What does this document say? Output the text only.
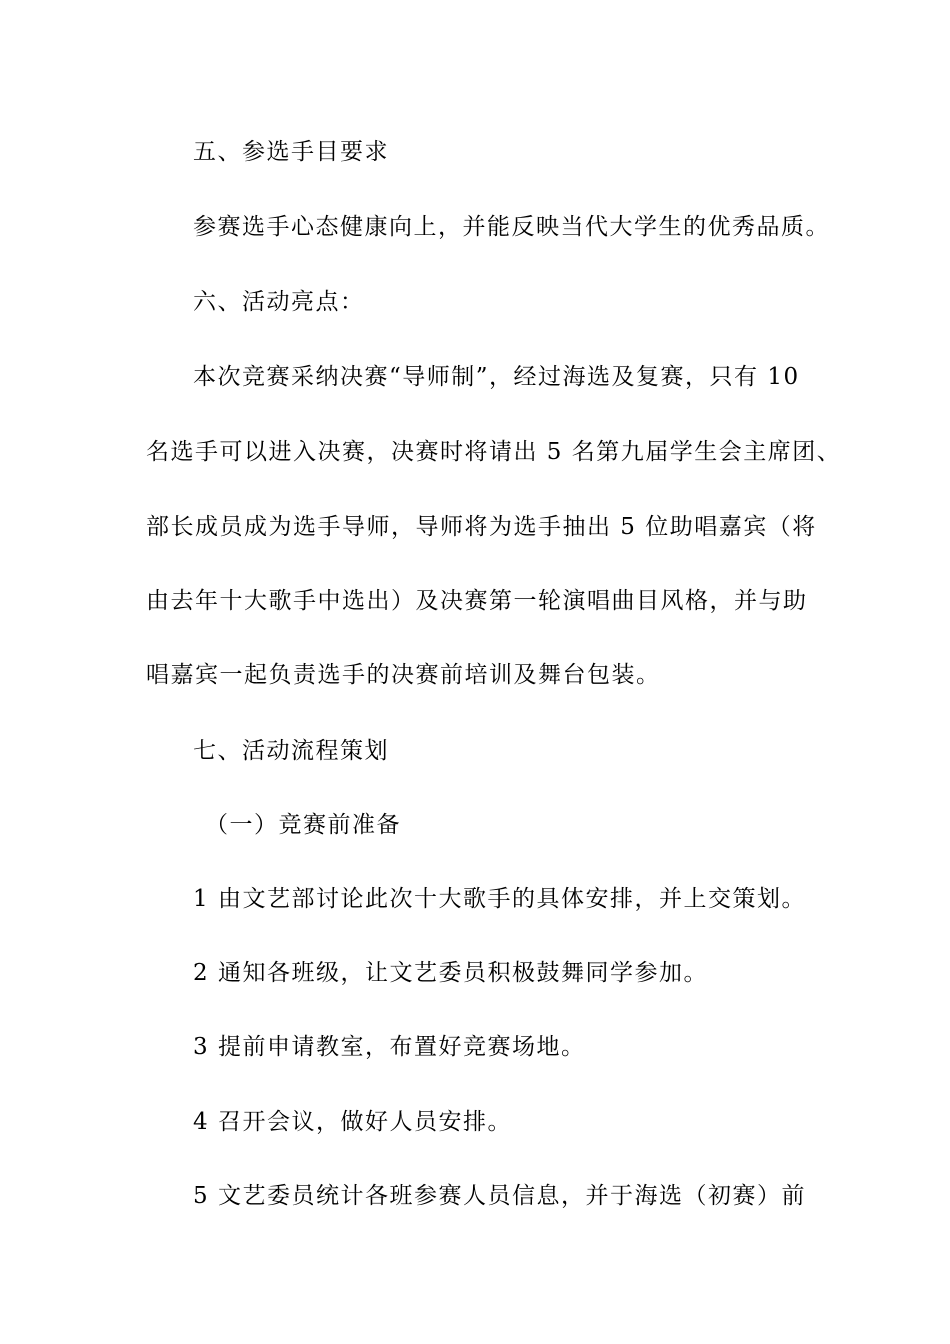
五、参选手目要求
参赛选手心态健康向上，并能反映当代大学生的优秀品质。
六、活动亮点：
本次竞赛采纳决赛“导师制”，经过海选及复赛，只有 10
名选手可以进入决赛，决赛时将请出 5 名第九届学生会主席团、
部长成员成为选手导师，导师将为选手抽出 5 位助唱嘉宾（将
由去年十大歌手中选出）及决赛第一轮演唱曲目风格，并与助
唱嘉宾一起负责选手的决赛前培训及舞台包装。
七、活动流程策划
（一）竞赛前准备
1 由文艺部讨论此次十大歌手的具体安排，并上交策划。
2 通知各班级，让文艺委员积极鼓舞同学参加。
3 提前申请教室，布置好竞赛场地。
4 召开会议，做好人员安排。
5 文艺委员统计各班参赛人员信息，并于海选（初赛）前
